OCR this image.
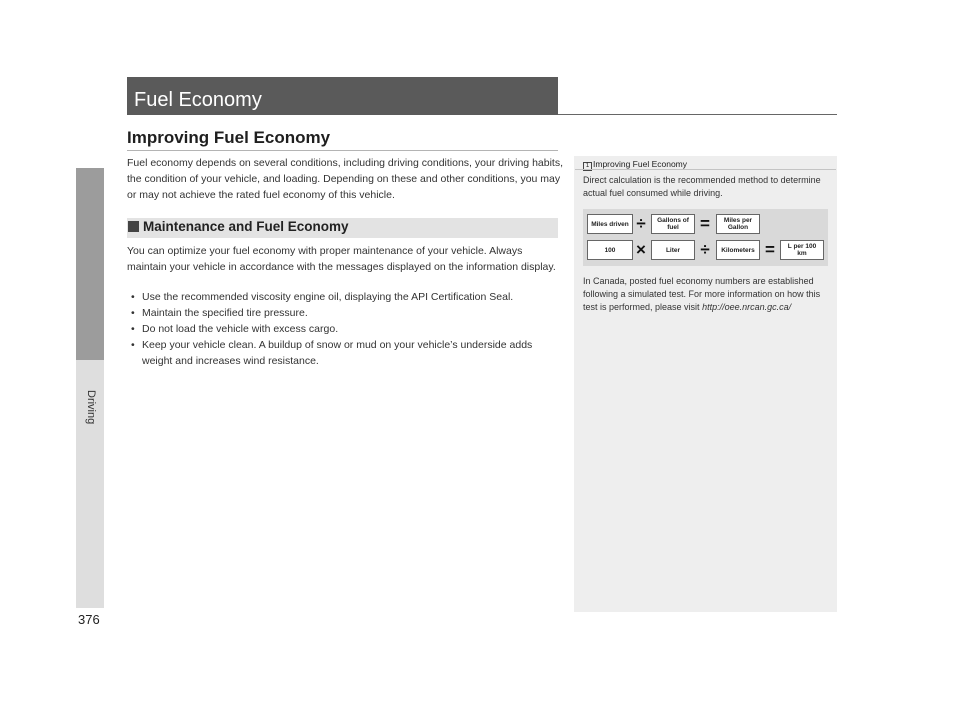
Driving
376
Fuel Economy
Improving Fuel Economy

Fuel economy depends on several conditions, including driving conditions, your driving habits, the condition of your vehicle, and loading. Depending on these and other conditions, you may or may not achieve the rated fuel economy of this vehicle.

Maintenance and Fuel Economy

You can optimize your fuel economy with proper maintenance of your vehicle. Always maintain your vehicle in accordance with the messages displayed on the information display.

• Use the recommended viscosity engine oil, displaying the API Certification Seal.
• Maintain the specified tire pressure.
• Do not load the vehicle with excess cargo.
• Keep your vehicle clean. A buildup of snow or mud on your vehicle’s underside adds weight and increases wind resistance.
1 Improving Fuel Economy

Direct calculation is the recommended method to determine actual fuel consumed while driving.

Miles driven ÷	Gallons of fuel	=	Miles per Gallon
100	×	Liter	÷	Kilometers =	L per 100 km

In Canada, posted fuel economy numbers are established following a simulated test. For more information on how this test is performed, please visit http://oee.nrcan.gc.ca/
